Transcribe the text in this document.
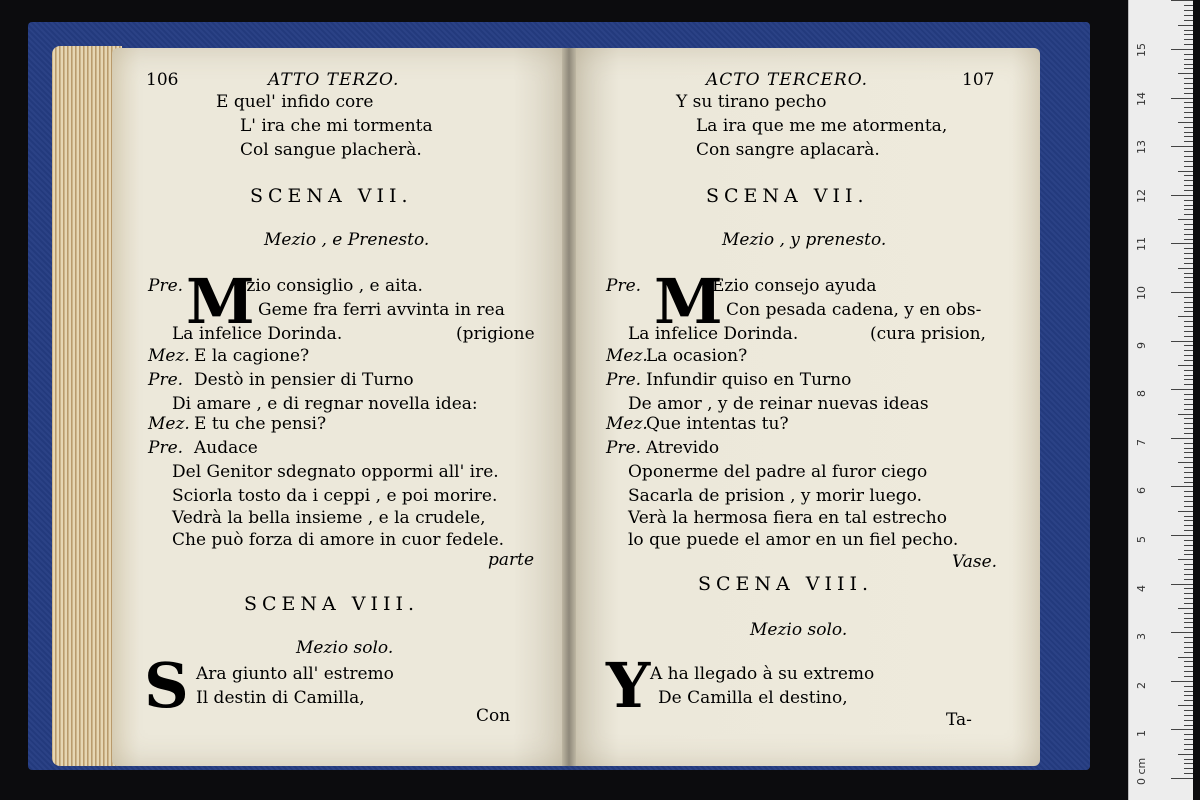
106	ATTO TERZO.
SCENA VII.
Mezio , e Prenesto.
Pre. M
parte
SCENA VIII.
Mezio solo.
S	Con
ACTO TERCERO.	107
SCENA VII.
Mezio , y prenesto.
Pre. M
Vase.
SCENA VIII.
Mezio solo.
Y	Ta-
E quel' infido core
L' ira che mi tormenta
Col sangue placherà.
Ezio consiglio , e aita.
Geme fra ferri avvinta in rea
La infelice Dorinda.	(prigione
Mez. E la cagione?
Pre. Destò in pensier di Turno
Di amare , e di regnar novella idea:
Mez. E tu che pensi?
Pre. Audace
Del Genitor sdegnato oppormi all' ire.
Sciorla tosto da i ceppi , e poi morire.
Vedrà la bella insieme , e la crudele,
Che può forza di amore in cuor fedele.
Ara giunto all' estremo
Il destin di Camilla,
Y su tirano pecho
La ira que me me atormenta,
Con sangre aplacarà.
Ezio consejo ayuda
Con pesada cadena, y en obs-
La infelice Dorinda.	(cura prision,
Mez.
La ocasion?
Pre. Infundir quiso en Turno
De amor , y de reinar nuevas ideas
Mez.
Que intentas tu?
Pre. Atrevido
Oponerme del padre al furor ciego
Sacarla de prision , y morir luego.
Verà la hermosa fiera en tal estrecho
lo que puede el amor en un fiel pecho.
A ha llegado à su extremo
De Camilla el destino,
1
2
3
4
5
6
7
8
9
10
11
12
13
14
15
0 cm
